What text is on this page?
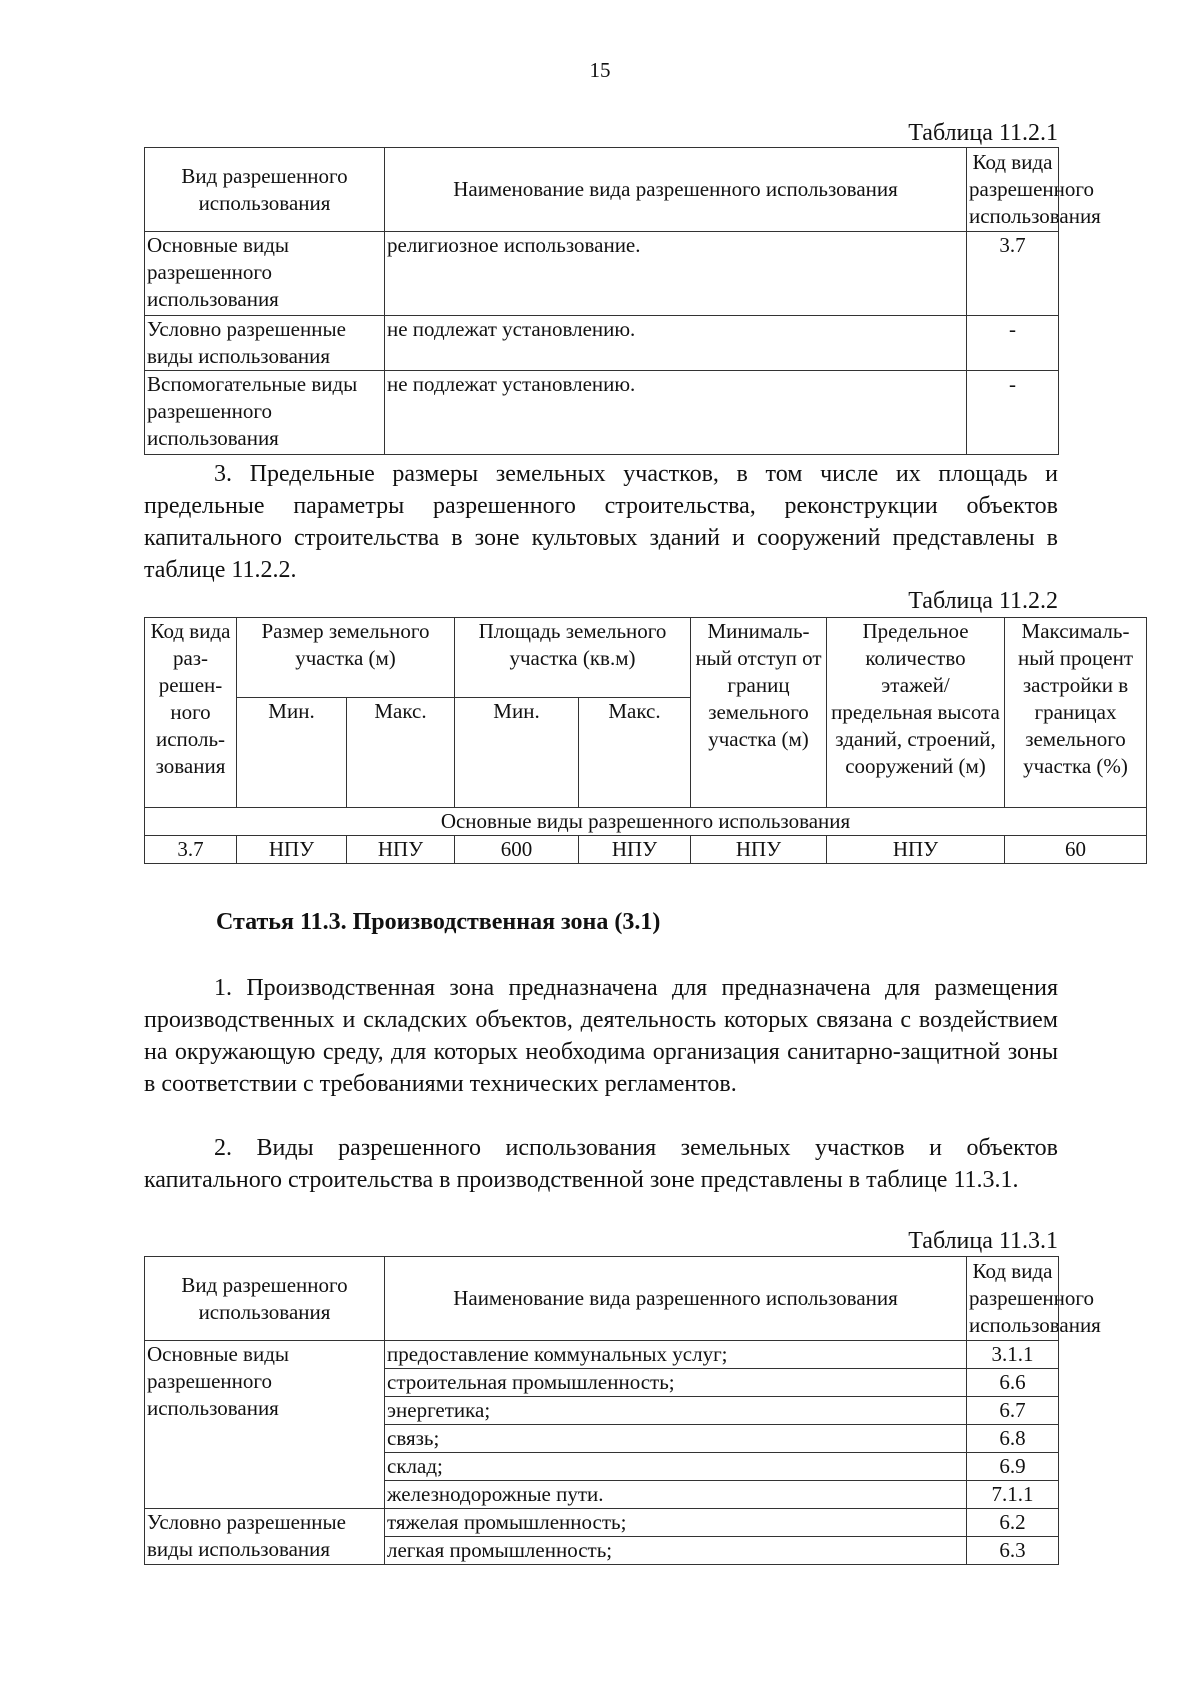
15
Таблица 11.2.1
Вид разрешенного использования	Наименование вида разрешенного использования	Код вида разрешенного использования
Основные виды разрешенного использования	религиозное использование.	3.7
Условно разрешенные виды использования	не подлежат установлению.	-
Вспомогательные виды разрешенного использования	не подлежат установлению.	-

3. Предельные размеры земельных участков, в том числе их площадь и предельные параметры разрешенного строительства, реконструкции объектов капитального строительства в зоне культовых зданий и сооружений представлены в таблице 11.2.2.

Таблица 11.2.2
Код вида раз-решен-ного исполь-зования	Размер земельного участка (м)		Площадь земельного участка (кв.м)		Минималь-ный отступ от границ земельного участка (м)	Предельное количество этажей/ предельная высота зданий, строений, сооружений (м)	Максималь-ный процент застройки в границах земельного участка (%)
	Мин.	Макс.	Мин.	Макс.			
Основные виды разрешенного использования							
3.7	НПУ	НПУ	600	НПУ	НПУ	НПУ	60
Статья 11.3. Производственная зона (3.1)

1. Производственная зона предназначена для предназначена для размещения производственных и складских объектов, деятельность которых связана с воздействием на окружающую среду, для которых необходима организация санитарно-защитной зоны в соответствии с требованиями технических регламентов.

2. Виды разрешенного использования земельных участков и объектов капитального строительства в производственной зоне представлены в таблице 11.3.1.

Таблица 11.3.1
Вид разрешенного использования	Наименование вида разрешенного использования	Код вида разрешенного использования
Основные виды разрешенного использования	предоставление коммунальных услуг;	3.1.1
	строительная промышленность;	6.6
	энергетика;	6.7
	связь;	6.8
	склад;	6.9
	железнодорожные пути.	7.1.1
Условно разрешенные виды использования	тяжелая промышленность;	6.2
	легкая промышленность;	6.3
